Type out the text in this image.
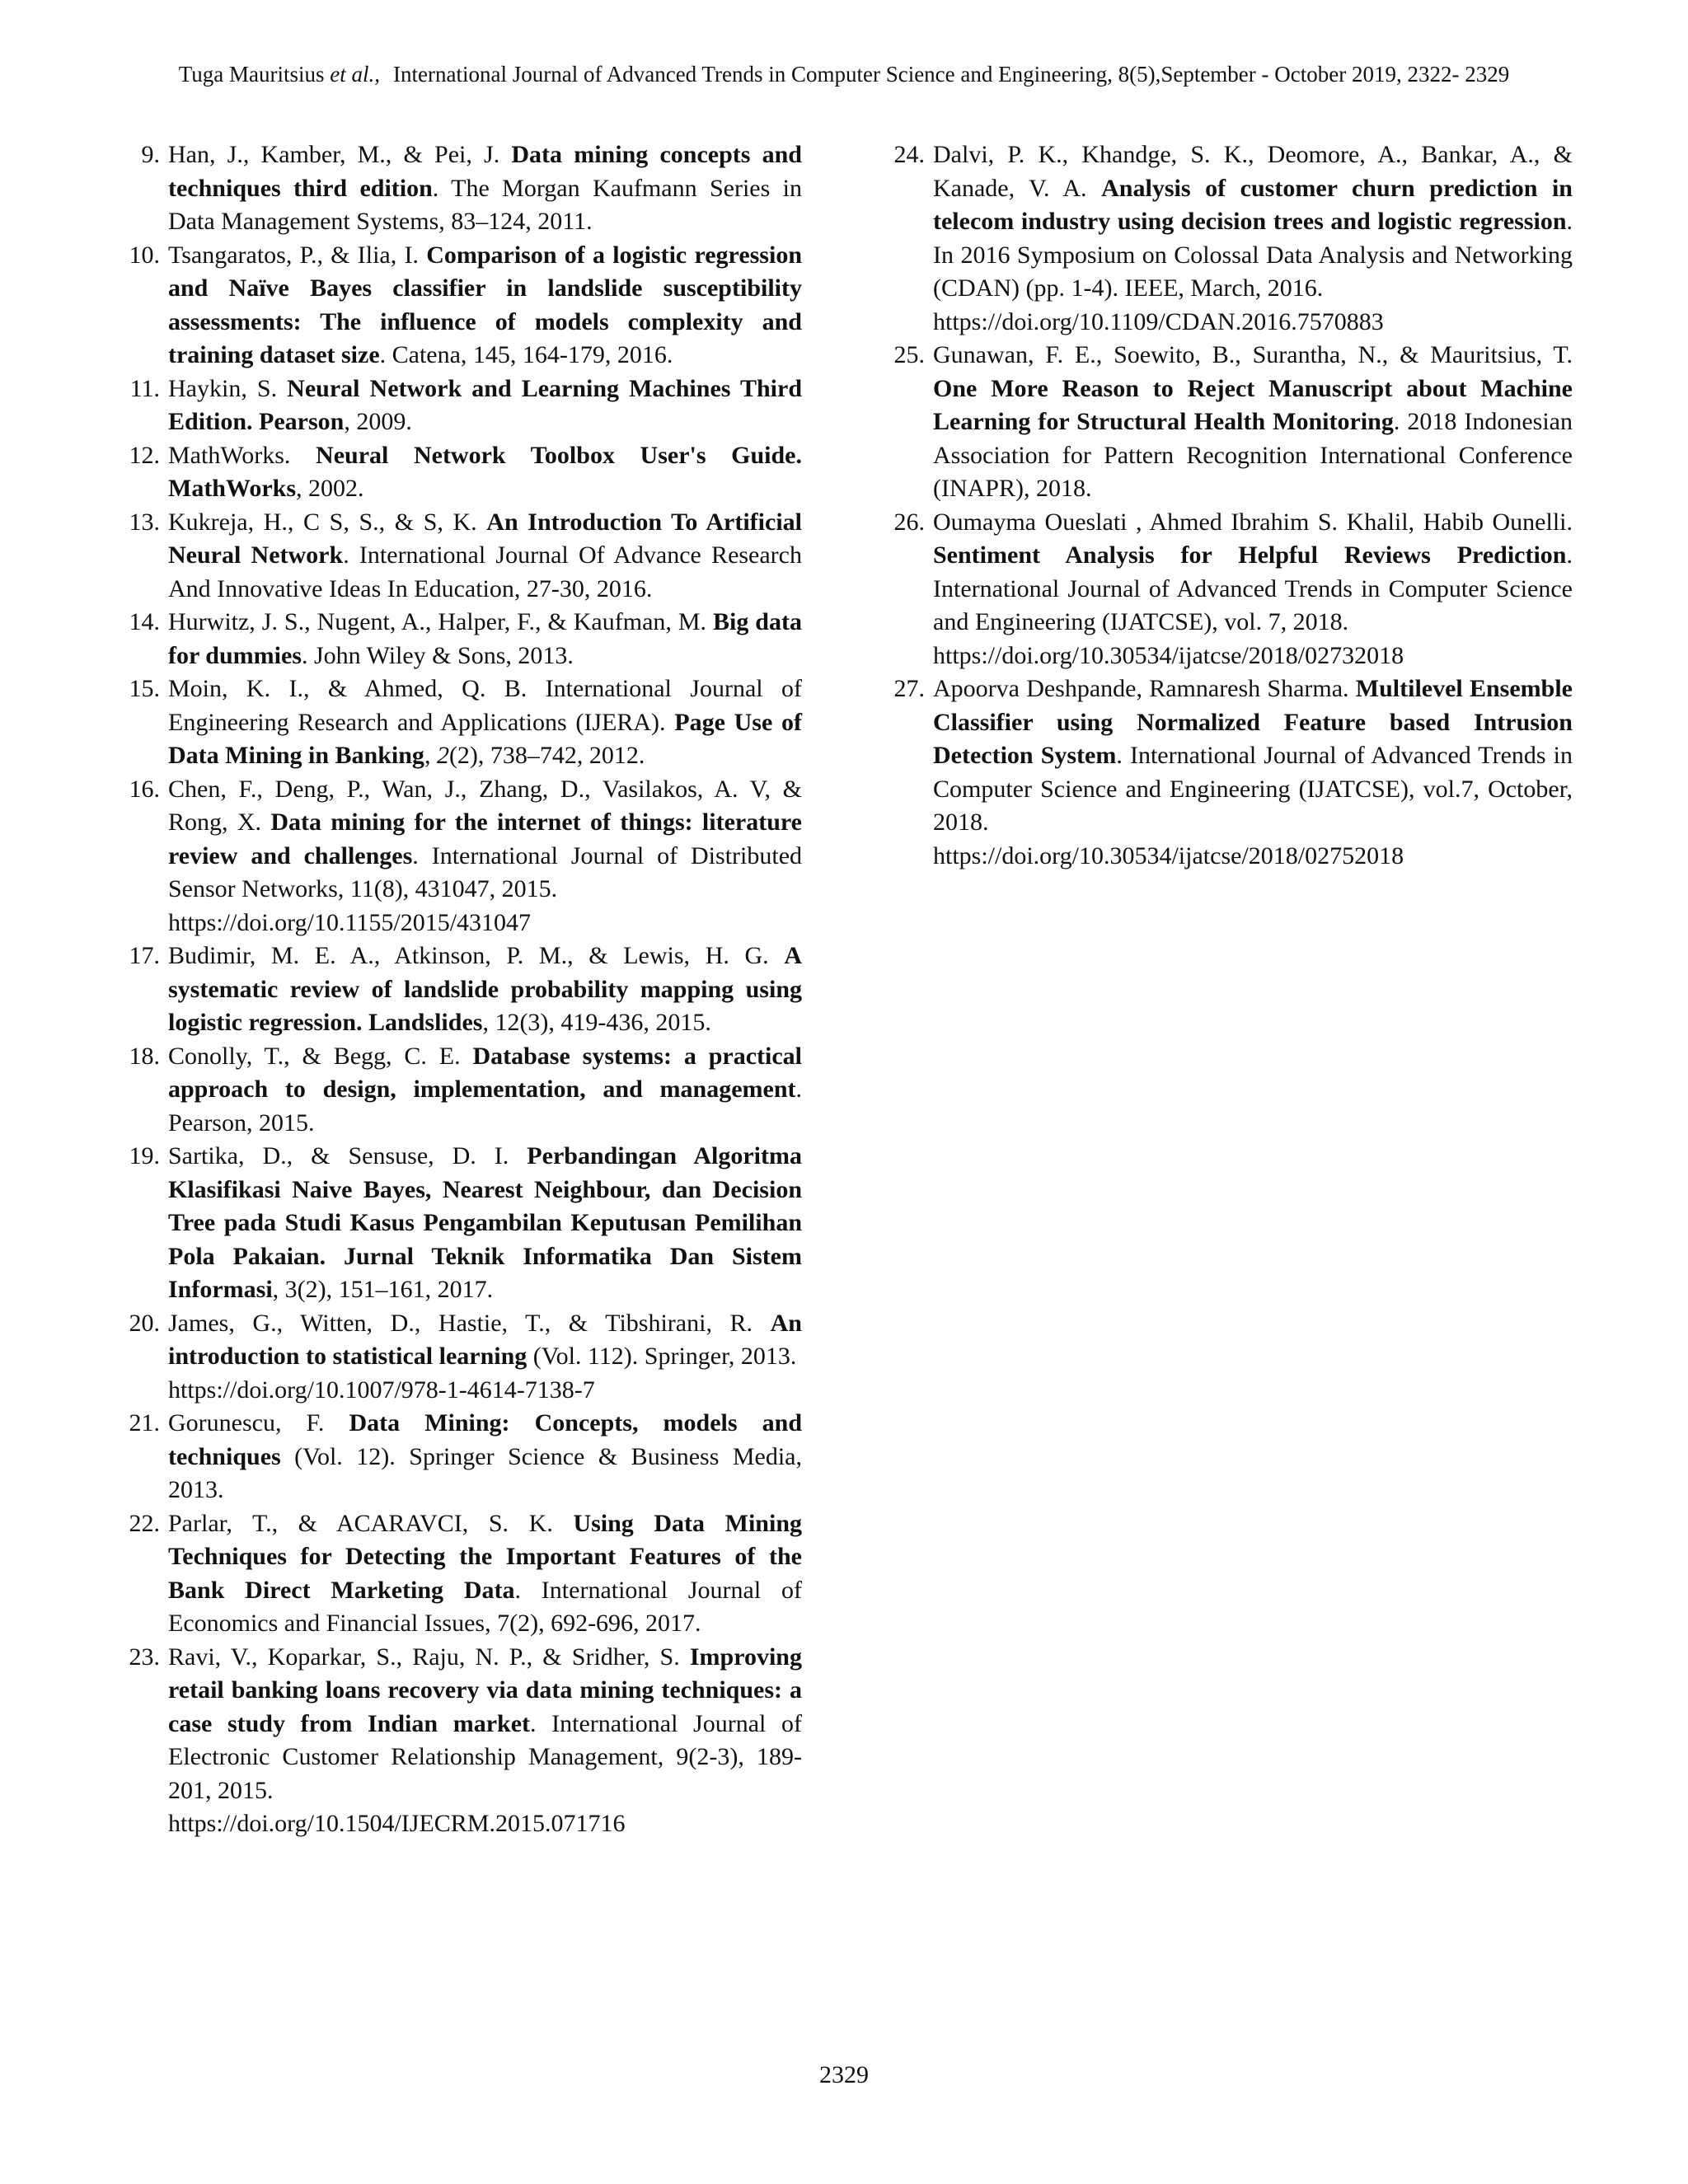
Tuga Mauritsius et al., International Journal of Advanced Trends in Computer Science and Engineering, 8(5),September - October 2019, 2322- 2329
9. Han, J., Kamber, M., & Pei, J. Data mining concepts and techniques third edition. The Morgan Kaufmann Series in Data Management Systems, 83–124, 2011.
10. Tsangaratos, P., & Ilia, I. Comparison of a logistic regression and Naïve Bayes classifier in landslide susceptibility assessments: The influence of models complexity and training dataset size. Catena, 145, 164-179, 2016.
11. Haykin, S. Neural Network and Learning Machines Third Edition. Pearson, 2009.
12. MathWorks. Neural Network Toolbox User's Guide. MathWorks, 2002.
13. Kukreja, H., C S, S., & S, K. An Introduction To Artificial Neural Network. International Journal Of Advance Research And Innovative Ideas In Education, 27-30, 2016.
14. Hurwitz, J. S., Nugent, A., Halper, F., & Kaufman, M. Big data for dummies. John Wiley & Sons, 2013.
15. Moin, K. I., & Ahmed, Q. B. International Journal of Engineering Research and Applications (IJERA). Page Use of Data Mining in Banking, 2(2), 738–742, 2012.
16. Chen, F., Deng, P., Wan, J., Zhang, D., Vasilakos, A. V, & Rong, X. Data mining for the internet of things: literature review and challenges. International Journal of Distributed Sensor Networks, 11(8), 431047, 2015.
https://doi.org/10.1155/2015/431047
17. Budimir, M. E. A., Atkinson, P. M., & Lewis, H. G. A systematic review of landslide probability mapping using logistic regression. Landslides, 12(3), 419-436, 2015.
18. Conolly, T., & Begg, C. E. Database systems: a practical approach to design, implementation, and management. Pearson, 2015.
19. Sartika, D., & Sensuse, D. I. Perbandingan Algoritma Klasifikasi Naive Bayes, Nearest Neighbour, dan Decision Tree pada Studi Kasus Pengambilan Keputusan Pemilihan Pola Pakaian. Jurnal Teknik Informatika Dan Sistem Informasi, 3(2), 151–161, 2017.
20. James, G., Witten, D., Hastie, T., & Tibshirani, R. An introduction to statistical learning (Vol. 112). Springer, 2013.
https://doi.org/10.1007/978-1-4614-7138-7
21. Gorunescu, F. Data Mining: Concepts, models and techniques (Vol. 12). Springer Science & Business Media, 2013.
22. Parlar, T., & ACARAVCI, S. K. Using Data Mining Techniques for Detecting the Important Features of the Bank Direct Marketing Data. International Journal of Economics and Financial Issues, 7(2), 692-696, 2017.
23. Ravi, V., Koparkar, S., Raju, N. P., & Sridher, S. Improving retail banking loans recovery via data mining techniques: a case study from Indian market. International Journal of Electronic Customer Relationship Management, 9(2-3), 189-201, 2015.
https://doi.org/10.1504/IJECRM.2015.071716
24. Dalvi, P. K., Khandge, S. K., Deomore, A., Bankar, A., & Kanade, V. A. Analysis of customer churn prediction in telecom industry using decision trees and logistic regression. In 2016 Symposium on Colossal Data Analysis and Networking (CDAN) (pp. 1-4). IEEE, March, 2016.
https://doi.org/10.1109/CDAN.2016.7570883
25. Gunawan, F. E., Soewito, B., Surantha, N., & Mauritsius, T. One More Reason to Reject Manuscript about Machine Learning for Structural Health Monitoring. 2018 Indonesian Association for Pattern Recognition International Conference (INAPR), 2018.
26. Oumayma Oueslati , Ahmed Ibrahim S. Khalil, Habib Ounelli. Sentiment Analysis for Helpful Reviews Prediction. International Journal of Advanced Trends in Computer Science and Engineering (IJATCSE), vol. 7, 2018.
https://doi.org/10.30534/ijatcse/2018/02732018
27. Apoorva Deshpande, Ramnaresh Sharma. Multilevel Ensemble Classifier using Normalized Feature based Intrusion Detection System. International Journal of Advanced Trends in Computer Science and Engineering (IJATCSE), vol.7, October, 2018.
https://doi.org/10.30534/ijatcse/2018/02752018
2329
